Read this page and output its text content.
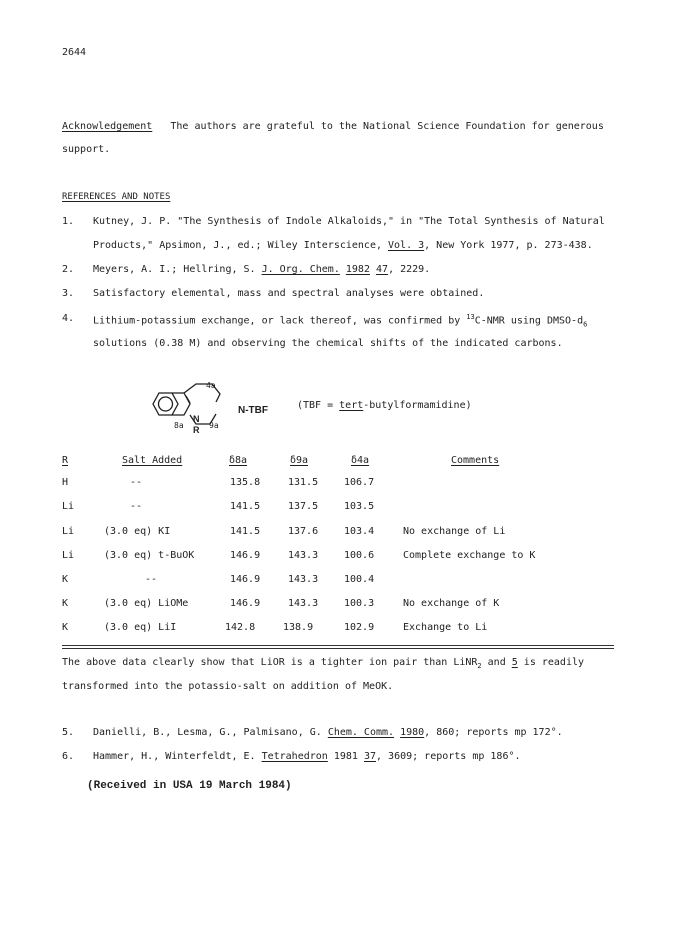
2644
Acknowledgement The authors are grateful to the National Science Foundation for generous
support.
REFERENCES AND NOTES
1. Kutney, J. P. "The Synthesis of Indole Alkaloids," in "The Total Synthesis of Natural
Products," Apsimon, J., ed.; Wiley Interscience, Vol. 3, New York 1977, p. 273-438.
2. Meyers, A. I.; Hellring, S. J. Org. Chem. 1982 47, 2229.
3. Satisfactory elemental, mass and spectral analyses were obtained.
4. Lithium-potassium exchange, or lack thereof, was confirmed by $^{13}$C-NMR using DMSO-$d_6$
solutions (0.38 M) and observing the chemical shifts of the indicated carbons.
4a
8a	9a
N
R
N-TBF	(TBF = tert-butylformamidine)
R	Salt Added	δ8a	δ9a	δ4a	Comments
H	--	135.8	131.5	106.7
Li	--	141.5	137.5	103.5
Li	(3.0 eq) KI	141.5	137.6	103.4	No exchange of Li
Li	(3.0 eq) t-BuOK	146.9	143.3	100.6	Complete exchange to K
K	--	146.9	143.3	100.4
K	(3.0 eq) LiOMe	146.9	143.3	100.3	No exchange of K
K	(3.0 eq) LiI	142.8	138.9	102.9	Exchange to Li
The above data clearly show that LiOR is a tighter ion pair than LiNR$_2$ and 5 is readily
transformed into the potassio-salt on addition of MeOK.
5. Danielli, B., Lesma, G., Palmisano, G. Chem. Comm. 1980, 860; reports mp 172°.
6. Hammer, H., Winterfeldt, E. Tetrahedron 1981 37, 3609; reports mp 186°.
(Received in USA 19 March 1984)
